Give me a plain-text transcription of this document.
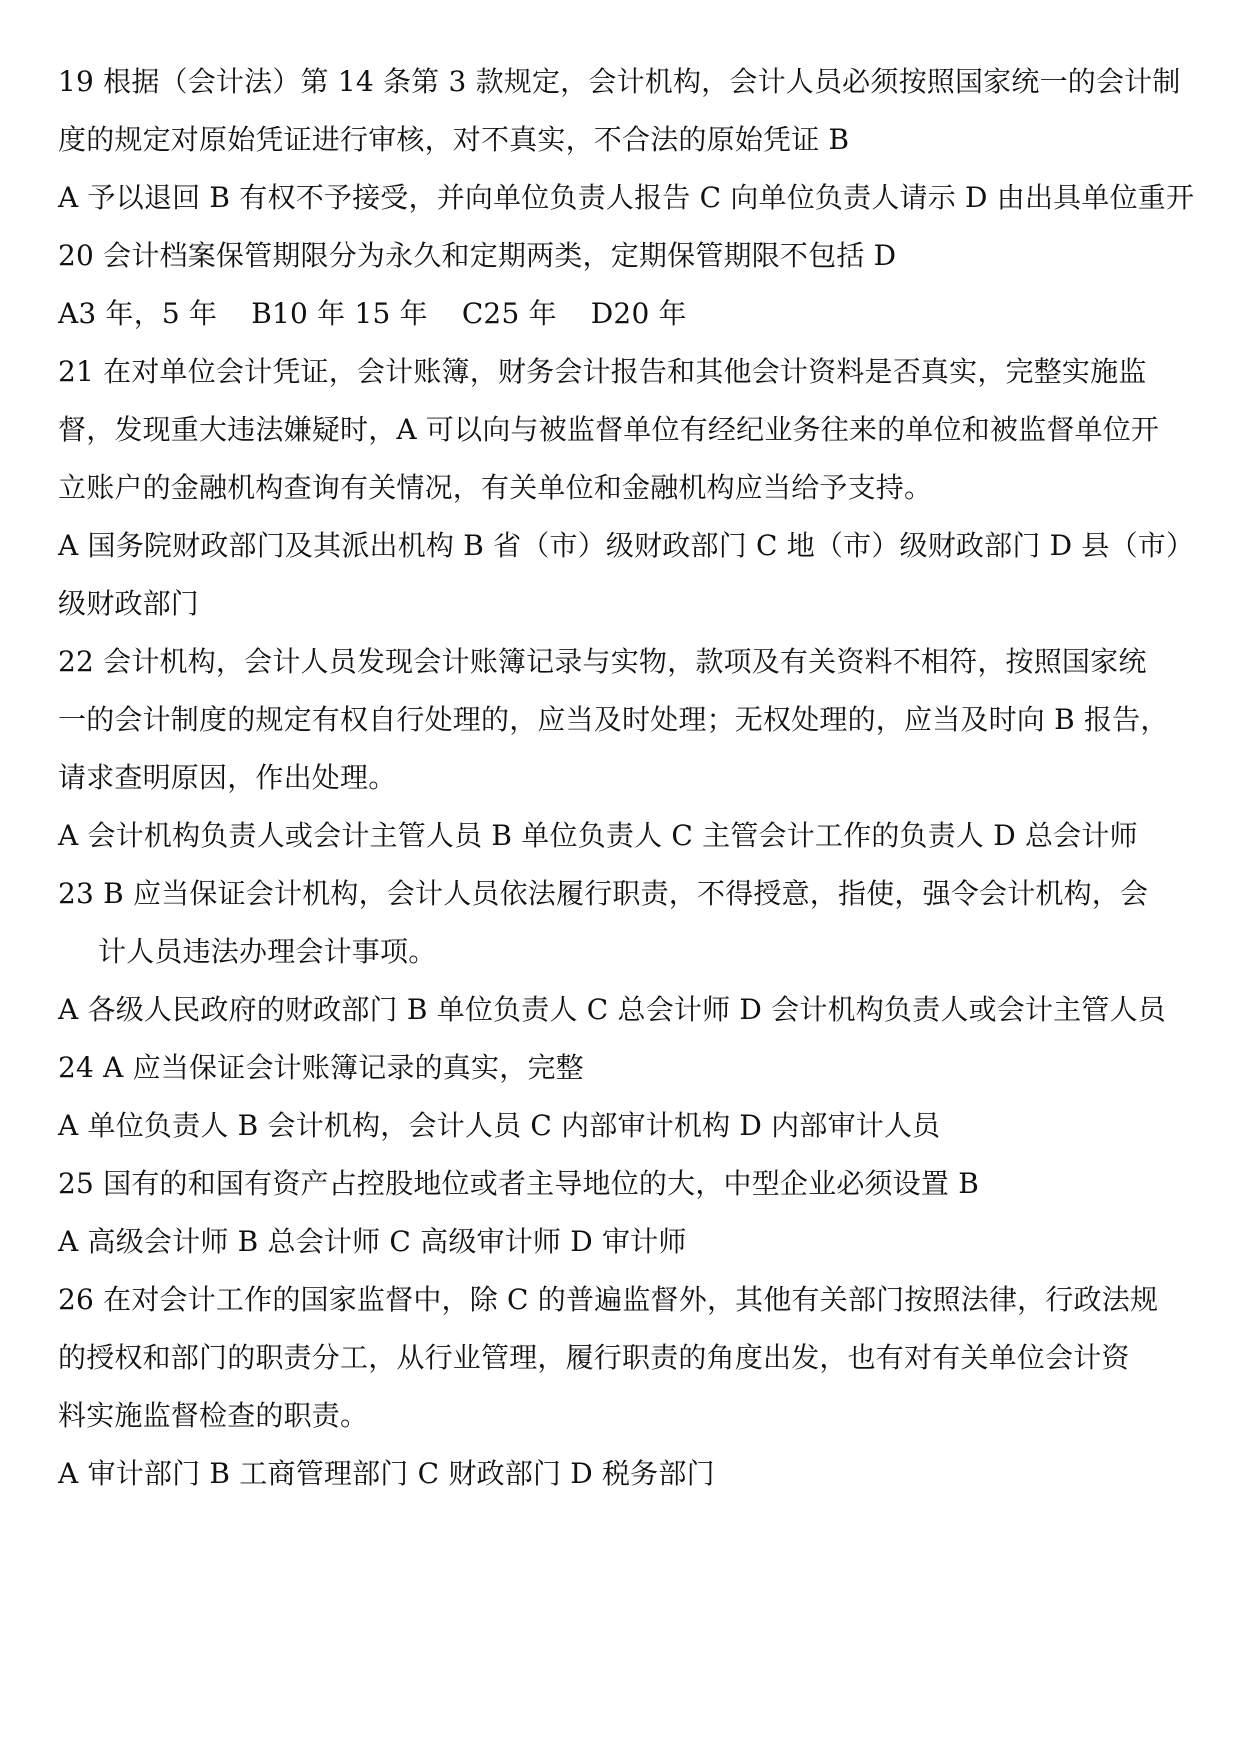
19 根据（会计法）第 14 条第 3 款规定，会计机构，会计人员必须按照国家统一的会计制

度的规定对原始凭证进行审核，对不真实，不合法的原始凭证 B

A 予以退回 B 有权不予接受，并向单位负责人报告 C 向单位负责人请示 D 由出具单位重开

20 会计档案保管期限分为永久和定期两类，定期保管期限不包括 D

A3 年，5 年 B10 年 15 年 C25 年 D20 年

21 在对单位会计凭证，会计账簿，财务会计报告和其他会计资料是否真实，完整实施监

督，发现重大违法嫌疑时，A 可以向与被监督单位有经纪业务往来的单位和被监督单位开

立账户的金融机构查询有关情况，有关单位和金融机构应当给予支持。

A 国务院财政部门及其派出机构 B 省（市）级财政部门 C 地（市）级财政部门 D 县（市）

级财政部门

22 会计机构，会计人员发现会计账簿记录与实物，款项及有关资料不相符，按照国家统

一的会计制度的规定有权自行处理的，应当及时处理；无权处理的，应当及时向 B 报告，

请求查明原因，作出处理。

A 会计机构负责人或会计主管人员 B 单位负责人 C 主管会计工作的负责人 D 总会计师

23 B 应当保证会计机构，会计人员依法履行职责，不得授意，指使，强令会计机构，会

计人员违法办理会计事项。

A 各级人民政府的财政部门 B 单位负责人 C 总会计师 D 会计机构负责人或会计主管人员

24 A 应当保证会计账簿记录的真实，完整

A 单位负责人 B 会计机构，会计人员 C 内部审计机构 D 内部审计人员

25 国有的和国有资产占控股地位或者主导地位的大，中型企业必须设置 B

A 高级会计师 B 总会计师 C 高级审计师 D 审计师

26 在对会计工作的国家监督中，除 C 的普遍监督外，其他有关部门按照法律，行政法规

的授权和部门的职责分工，从行业管理，履行职责的角度出发，也有对有关单位会计资

料实施监督检查的职责。

A 审计部门 B 工商管理部门 C 财政部门 D 税务部门
